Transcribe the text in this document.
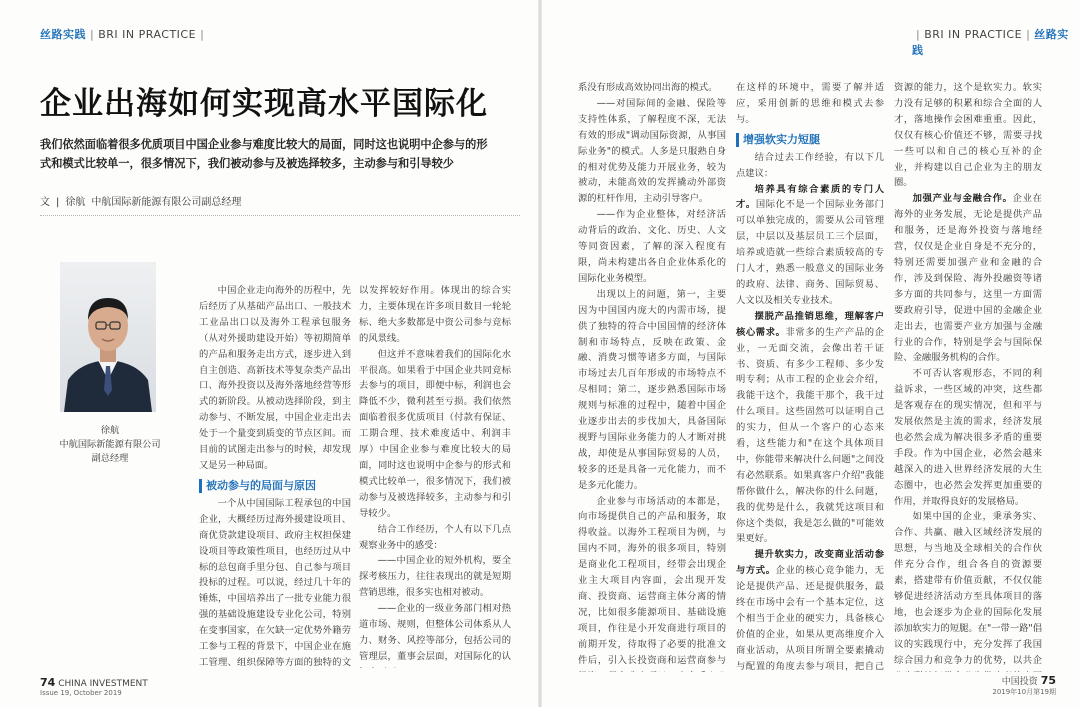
丝路实践 | BRI IN PRACTICE |	| BRI IN PRACTICE | 丝路实践
企业出海如何实现高水平国际化
我们依然面临着很多优质项目中国企业参与难度比较大的局面，同时这也说明中企参与的形式和模式比较单一，很多情况下，我们被动参与及被选择较多，主动参与和引导较少
文 | 徐航 中航国际新能源有限公司副总经理
徐航
中航国际新能源有限公司
副总经理

中国企业走向海外的历程中，先后经历了从基础产品出口、一般技术工业品出口以及海外工程承包服务（从对外援助建设开始）等初期简单的产品和服务走出方式，逐步进入到自主创造、高新技术等复杂类产品出口、海外投资以及海外落地经营等形式的新阶段。从被动选择阶段，到主动参与、不断发展，中国企业走出去处于一个量变到质变的节点区间。而目前的试图走出参与的时候，却发现又是另一种局面。

被动参与的局面与原因

一个从中国国际工程承包的中国企业，大概经历过海外援建设项目、商优贷款建设项目、政府主权担保建设项目等政策性项目，也经历过从中标的总包商手里分包、自己参与项目投标的过程。可以说，经过几十年的锤炼，中国培养出了一批专业能力很强的基础设施建设专业化公司，特别在变事国家，在欠缺一定优势外籍劳工参与工程的背景下，中国企业在施工管理、组织保障等方面的独特的文

以发挥较好作用。体现出的综合实力，主要体现在许多项目数目一轮轮标、绝大多数都是中资公司参与竞标的风景线。

但这并不意味着我们的国际化水平很高。如果看于中国企业共同竞标去参与的项目，即便中标，利润也会降低不少，微利甚至亏损。我们依然面临着很多优质项目（付款有保证、工期合理、技术难度适中、利润丰厚）中国企业参与难度比较大的局面，同时这也说明中企参与的形式和模式比较单一，很多情况下，我们被动参与及被选择较多，主动参与和引导较少。

结合工作经历，个人有以下几点观察业务中的感受：

——中国企业的短外机构，要全探考核压力，往往表现出的就是短期营销思维，很多实也相对被动。

——企业的一级业务部门相对热道市场、规则，但整体公司体系从人力、财务、风控等部分，包括公司的管理层，董事会层面，对国际化的认

系没有形成高效协同出海的模式。

——对国际间的金融、保险等支持性体系，了解程度不深，无法有效的形成"调动国际资源，从事国际业务"的模式。人多是只服熟自身的相对优势及能力开展业务，较为被动，未能高效的发挥撬动外部资源的杠杆作用，主动引导客户。

——作为企业整体，对经济活动背后的政治、文化、历史、人文等同资因素，了解的深入程度有限，尚未构建出各自企业体系化的国际化业务模型。

出现以上的问题，第一，主要因为中国国内庞大的内需市场，提供了独特的符合中国国情的经济体制和市场特点，反映在政策、金融、消费习惯等诸多方面，与国际市场过去几百年形成的市场特点不尽相同；第二，逐步熟悉国际市场规则与标准的过程中，随着中国企业逐步出去的步伐加大，具备国际视野与国际业务能力的人才断对挑战，却使是从事国际贸易的人员，较多的还是具备一元化能力，而不是多元化能力。

企业参与市场活动的本都是，向市场提供自己的产品和服务，取得收益。以海外工程项目为例，与国内不同，海外的很多项目，特别是商业化工程项目，经带会出现企业主大项目内容面，会出现开发商、投资商、运营商主体分离的情况，比如很多能源项目、基础设施项目，作往是小开发商进行项目的前期开发，待取得了必要的批准文件后，引入长投资商和运营商参与

在这样的环境中，需要了解并适应，采用创新的思维和模式去参与。

增强软实力短腿

结合过去工作经验，有以下几点建议：

培养具有综合素质的专门人才。国际化不是一个国际业务部门可以单独完成的，需要从公司管理层，中层以及基层员工三个层面，培养或造就一些综合素质较高的专门人才，熟悉一般意义的国际业务的政府、法律、商务、国际贸易、人文以及相关专业技术。

摆脱产品推销思维，理解客户核心需求。非常多的生产产品的企业，一无面交流，会像出若干证书、资质、有多少工程师、多少发明专利；从市工程的企业会介绍，我能干这个，我能干那个，我干过什么项目。这些固然可以证明自己的实力，但从一个客户的心态来看，这些能力和"在这个具体项目中，你能带来解决什么问题"之间没有必然联系。如果真客户介绍"我能帮你做什么，解决你的什么问题，我的优势是什么，我就凭这项目和你这个类似，我是怎么做的"可能效果更好。

提升软实力，改变商业活动参与方式。企业的核心竞争能力，无论是提供产品、还是提供服务，最终在市场中会有一个基本定位，这个相当于企业的硬实力，具备核心价值的企业，如果从更高维度介入商业活动，从项目所谓全要素撬动与配置的角度去参与项目，把自己

资源的能力，这个是软实力。软实力没有足够的积累和综合全面的人才，落地操作会困难重重。因此，仅仅有核心价值还不够，需要寻找一些可以和自己的核心互补的企业，并构建以自己企业为主的朋友圈。

加强产业与金融合作。企业在海外的业务发展，无论是提供产品和服务，还是海外投资与落地经营，仅仅是企业自身是不充分的，特别还需要加强产业和金融的合作，涉及到保险、海外投融资等诸多方面的共同参与，这里一方面需要政府引导，促进中国的金融企业走出去，也需要产业方加强与金融行业的合作，特别是学会与国际保险、金融服务机构的合作。

不可否认客观形态，不同的利益诉求，一些区域的冲突，这些都是客观存在的现实情况，但和平与发展依然是主流的需求，经济发展也必然会成为解决很多矛盾的重要手段。作为中国企业，必然会越来越深入的进入世界经济发展的大生态圈中，也必然会发挥更加重要的作用，并取得良好的发展格局。

如果中国的企业，秉承务实、合作、共赢、融入区域经济发展的思想，与当地及全球相关的合作伙伴充分合作，组合各自的资源要素，搭建带有价值贡献，不仅仅能够促进经济活动方至具体项目的落地，也会逐步为企业的国际化发展添加软实力的短腿。在"一带一路"倡议的实践现行中，充分发挥了我国综合国力和竞争力的优势，以共企

74 CHINA INVESTMENT
Issue 19, October 2019
中国投资 75
2019年10月第19期
